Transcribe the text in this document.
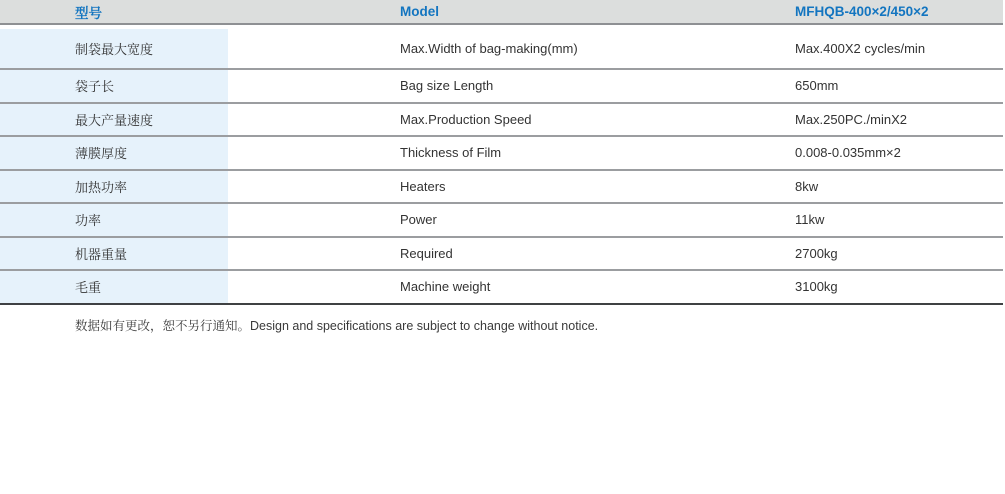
型号	Model	MFHQB-400×2/450×2
制袋最大宽度	Max.Width of bag-making(mm)	Max.400X2 cycles/min
袋子长	Bag size Length	650mm
最大产量速度	Max.Production Speed	Max.250PC./minX2
薄膜厚度	Thickness of Film	0.008-0.035mm×2
加热功率	Heaters	8kw
功率	Power	11kw
机器重量	Required	2700kg
毛重	Machine weight	3100kg
数据如有更改，恕不另行通知。Design and specifications are subject to change without notice.
